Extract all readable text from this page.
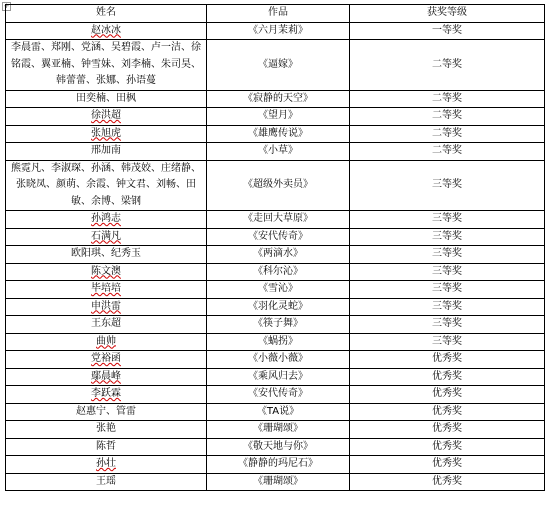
+
姓名	作品	获奖等级
赵冰冰	《六月茉莉》	一等奖
李晨雷、郑刚、党涵、吴碧霞、卢一洁、徐铭霞、翼亚楠、钟雪妹、刘李楠、朱司昊、韩蕾蕾、张娜、孙语蔓	《逼嫁》	二等奖
田奕楠、田枫	《寂静的天空》	二等奖
徐洪超	《望月》	二等奖
张旭虎	《雄鹰传说》	二等奖
邢加南	《小草》	二等奖
熊霓凡、李淑琛、孙涵、韩茂姣、庄绪静、张晓凤、颜萌、余霞、钟文君、刘畅、田敏、余博、梁钢	《超级外卖员》	三等奖
孙鸿志	《走回大草原》	三等奖
石满凡	《安代传奇》	三等奖
欧阳琪、纪秀玉	《两滴水》	三等奖
陈文澳	《科尔沁》	三等奖
毕培培	《雪沁》	三等奖
申洪雷	《羽化灵蛇》	三等奖
王东超	《筷子舞》	三等奖
曲帅	《蜗拐》	三等奖
党裕函	《小薇小薇》	优秀奖
鄢晨峰	《乘风归去》	优秀奖
李跃霖	《安代传奇》	优秀奖
赵惠宁、管雷	《TA说》	优秀奖
张艳	《珊瑚颂》	优秀奖
陈哲	《敬天地与你》	优秀奖
孙壮	《静静的玛尼石》	优秀奖
王瑶	《珊瑚颂》	优秀奖
